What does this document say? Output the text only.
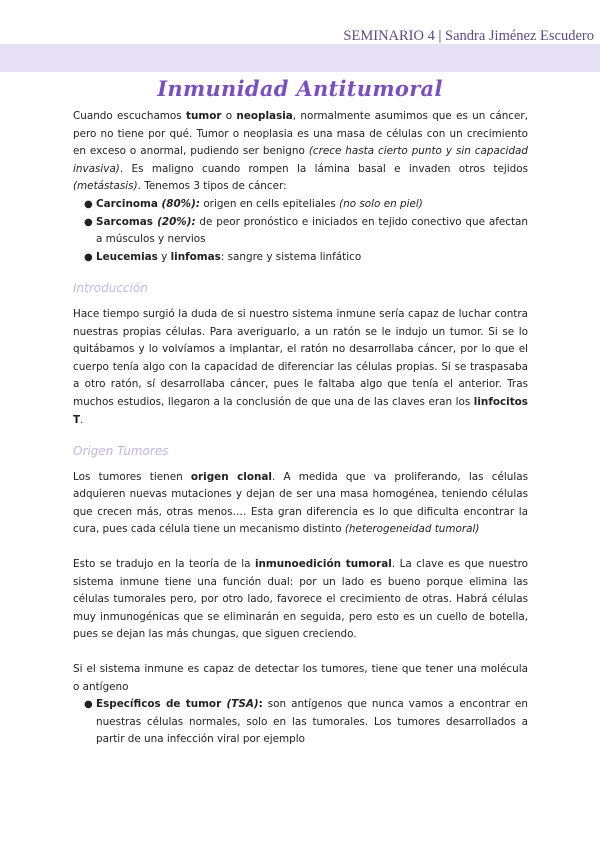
SEMINARIO 4 | Sandra Jiménez Escudero
Inmunidad Antitumoral

Cuando escuchamos tumor o neoplasia, normalmente asumimos que es un cáncer, pero no tiene por qué. Tumor o neoplasia es una masa de células con un crecimiento en exceso o anormal, pudiendo ser benigno (crece hasta cierto punto y sin capacidad invasiva). Es maligno cuando rompen la lámina basal e invaden otros tejidos (metástasis). Tenemos 3 tipos de cáncer:

● Carcinoma (80%): origen en cells epiteliales (no solo en piel)
● Sarcomas (20%): de peor pronóstico e iniciados en tejido conectivo que afectan a músculos y nervios
● Leucemias y linfomas: sangre y sistema linfático
Introducción

Hace tiempo surgió la duda de si nuestro sistema inmune sería capaz de luchar contra nuestras propias células. Para averiguarlo, a un ratón se le indujo un tumor. Si se lo quitábamos y lo volvíamos a implantar, el ratón no desarrollaba cáncer, por lo que el cuerpo tenía algo con la capacidad de diferenciar las células propias. Si se traspasaba a otro ratón, sí desarrollaba cáncer, pues le faltaba algo que tenía el anterior. Tras muchos estudios, llegaron a la conclusión de que una de las claves eran los linfocitos T.

Origen Tumores

Los tumores tienen origen clonal. A medida que va proliferando, las células adquieren nuevas mutaciones y dejan de ser una masa homogénea, teniendo células que crecen más, otras menos…. Esta gran diferencia es lo que dificulta encontrar la cura, pues cada célula tiene un mecanismo distinto (heterogeneidad tumoral)

Esto se tradujo en la teoría de la inmunoedición tumoral. La clave es que nuestro sistema inmune tiene una función dual: por un lado es bueno porque elimina las células tumorales pero, por otro lado, favorece el crecimiento de otras. Habrá células muy inmunogénicas que se eliminarán en seguida, pero esto es un cuello de botella, pues se dejan las más chungas, que siguen creciendo.

Si el sistema inmune es capaz de detectar los tumores, tiene que tener una molécula o antígeno

● Específicos de tumor (TSA): son antígenos que nunca vamos a encontrar en nuestras células normales, solo en las tumorales. Los tumores desarrollados a partir de una infección viral por ejemplo
